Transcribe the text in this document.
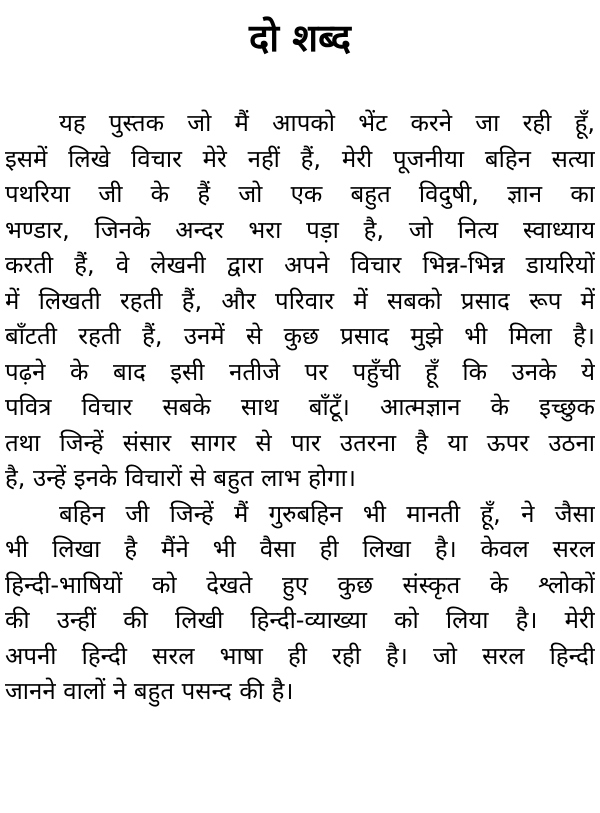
दो शब्द
यह पुस्तक जो मैं आपको भेंट करने जा रही हूँ,
इसमें लिखे विचार मेरे नहीं हैं, मेरी पूजनीया बहिन सत्या
पथरिया जी के हैं जो एक बहुत विदुषी, ज्ञान का
भण्डार, जिनके अन्दर भरा पड़ा है, जो नित्य स्वाध्याय
करती हैं, वे लेखनी द्वारा अपने विचार भिन्न-भिन्न डायरियों
में लिखती रहती हैं, और परिवार में सबको प्रसाद रूप में
बाँटती रहती हैं, उनमें से कुछ प्रसाद मुझे भी मिला है।
पढ़ने के बाद इसी नतीजे पर पहुँची हूँ कि उनके ये
पवित्र विचार सबके साथ बाँटूँ। आत्मज्ञान के इच्छुक
तथा जिन्हें संसार सागर से पार उतरना है या ऊपर उठना
है, उन्हें इनके विचारों से बहुत लाभ होगा।
बहिन जी जिन्हें मैं गुरुबहिन भी मानती हूँ, ने जैसा
भी लिखा है मैंने भी वैसा ही लिखा है। केवल सरल
हिन्दी-भाषियों को देखते हुए कुछ संस्कृत के श्लोकों
की उन्हीं की लिखी हिन्दी-व्याख्या को लिया है। मेरी
अपनी हिन्दी सरल भाषा ही रही है। जो सरल हिन्दी
जानने वालों ने बहुत पसन्द की है।
